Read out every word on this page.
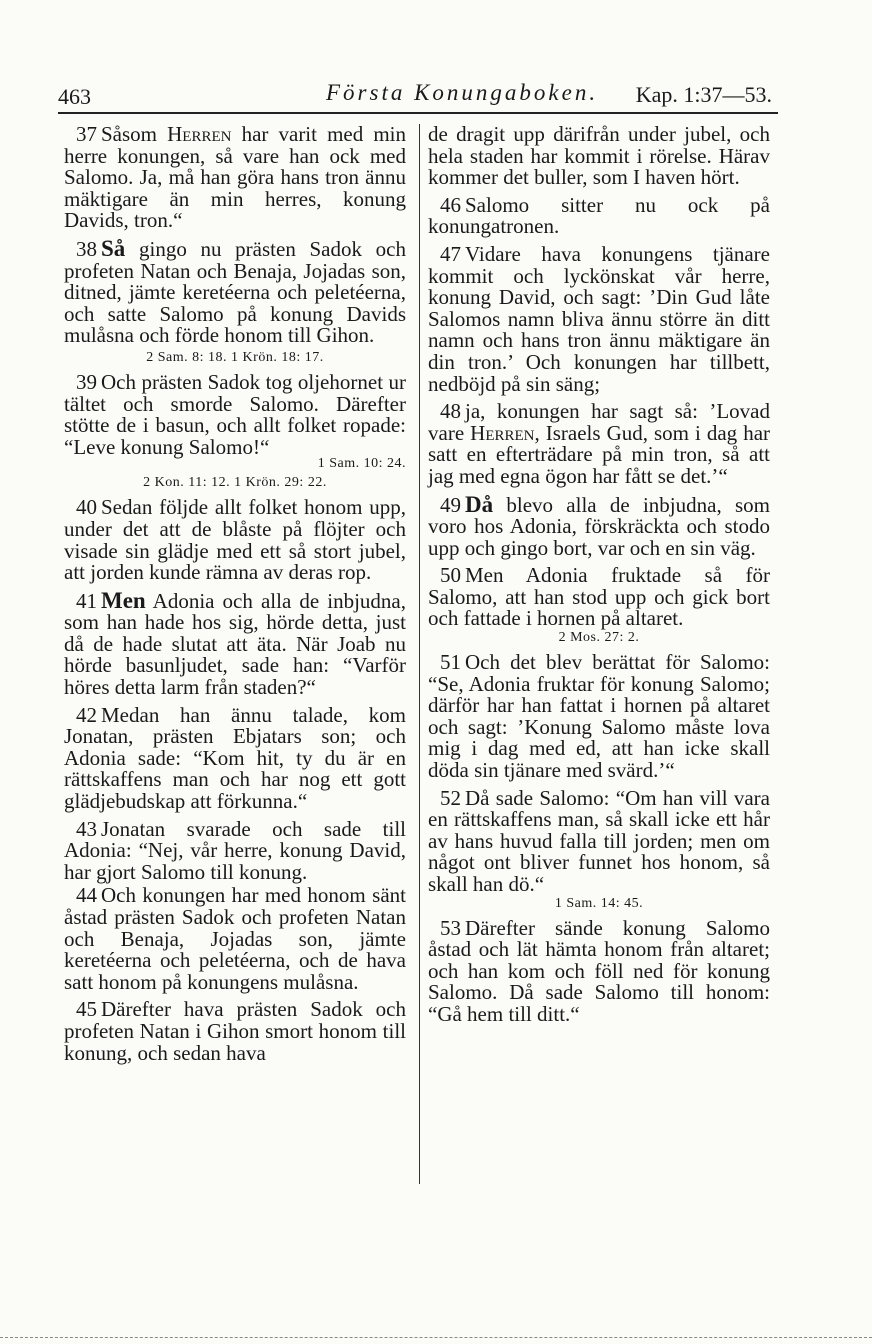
463	Första Konungaboken. Kap. 1:37—53.

37 Såsom Herren har varit med min herre konungen, så vare han ock med Salomo. Ja, må han göra hans tron ännu mäktigare än min herres, konung Davids, tron.“

38 Så gingo nu prästen Sadok och profeten Natan och Benaja, Jojadas son, ditned, jämte keretéerna och peletéerna, och satte Salomo på konung Davids mulåsna och förde honom till Gihon.

2 Sam. 8: 18. 1 Krön. 18: 17.

39 Och prästen Sadok tog oljehornet ur tältet och smorde Salomo. Därefter stötte de i basun, och allt folket ropade: “Leve konung Salomo!“

1 Sam. 10: 24.
2 Kon. 11: 12. 1 Krön. 29: 22.

40 Sedan följde allt folket honom upp, under det att de blåste på flöjter och visade sin glädje med ett så stort jubel, att jorden kunde rämna av deras rop.

41 Men Adonia och alla de inbjudna, som han hade hos sig, hörde detta, just då de hade slutat att äta. När Joab nu hörde basunljudet, sade han: “Varför höres detta larm från staden?“

42 Medan han ännu talade, kom Jonatan, prästen Ebjatars son; och Adonia sade: “Kom hit, ty du är en rättskaffens man och har nog ett gott glädjebudskap att förkunna.“

43 Jonatan svarade och sade till Adonia: “Nej, vår herre, konung David, har gjort Salomo till konung.

44 Och konungen har med honom sänt åstad prästen Sadok och profeten Natan och Benaja, Jojadas son, jämte keretéerna och peletéerna, och de hava satt honom på konungens mulåsna.

45 Därefter hava prästen Sadok och profeten Natan i Gihon smort honom till konung, och sedan hava

de dragit upp därifrån under jubel, och hela staden har kommit i rörelse. Härav kommer det buller, som I haven hört.

46 Salomo sitter nu ock på konungatronen.

47 Vidare hava konungens tjänare kommit och lyckönskat vår herre, konung David, och sagt: ’Din Gud låte Salomos namn bliva ännu större än ditt namn och hans tron ännu mäktigare än din tron.’ Och konungen har tillbett, nedböjd på sin säng;

48 ja, konungen har sagt så: ’Lovad vare Herren, Israels Gud, som i dag har satt en efterträdare på min tron, så att jag med egna ögon har fått se det.’“

49 Då blevo alla de inbjudna, som voro hos Adonia, förskräckta och stodo upp och gingo bort, var och en sin väg.

50 Men Adonia fruktade så för Salomo, att han stod upp och gick bort och fattade i hornen på altaret.

2 Mos. 27: 2.

51 Och det blev berättat för Salomo: “Se, Adonia fruktar för konung Salomo; därför har han fattat i hornen på altaret och sagt: ’Konung Salomo måste lova mig i dag med ed, att han icke skall döda sin tjänare med svärd.’“

52 Då sade Salomo: “Om han vill vara en rättskaffens man, så skall icke ett hår av hans huvud falla till jorden; men om något ont bliver funnet hos honom, så skall han dö.“

1 Sam. 14: 45.

53 Därefter sände konung Salomo åstad och lät hämta honom från altaret; och han kom och föll ned för konung Salomo. Då sade Salomo till honom: “Gå hem till ditt.“
